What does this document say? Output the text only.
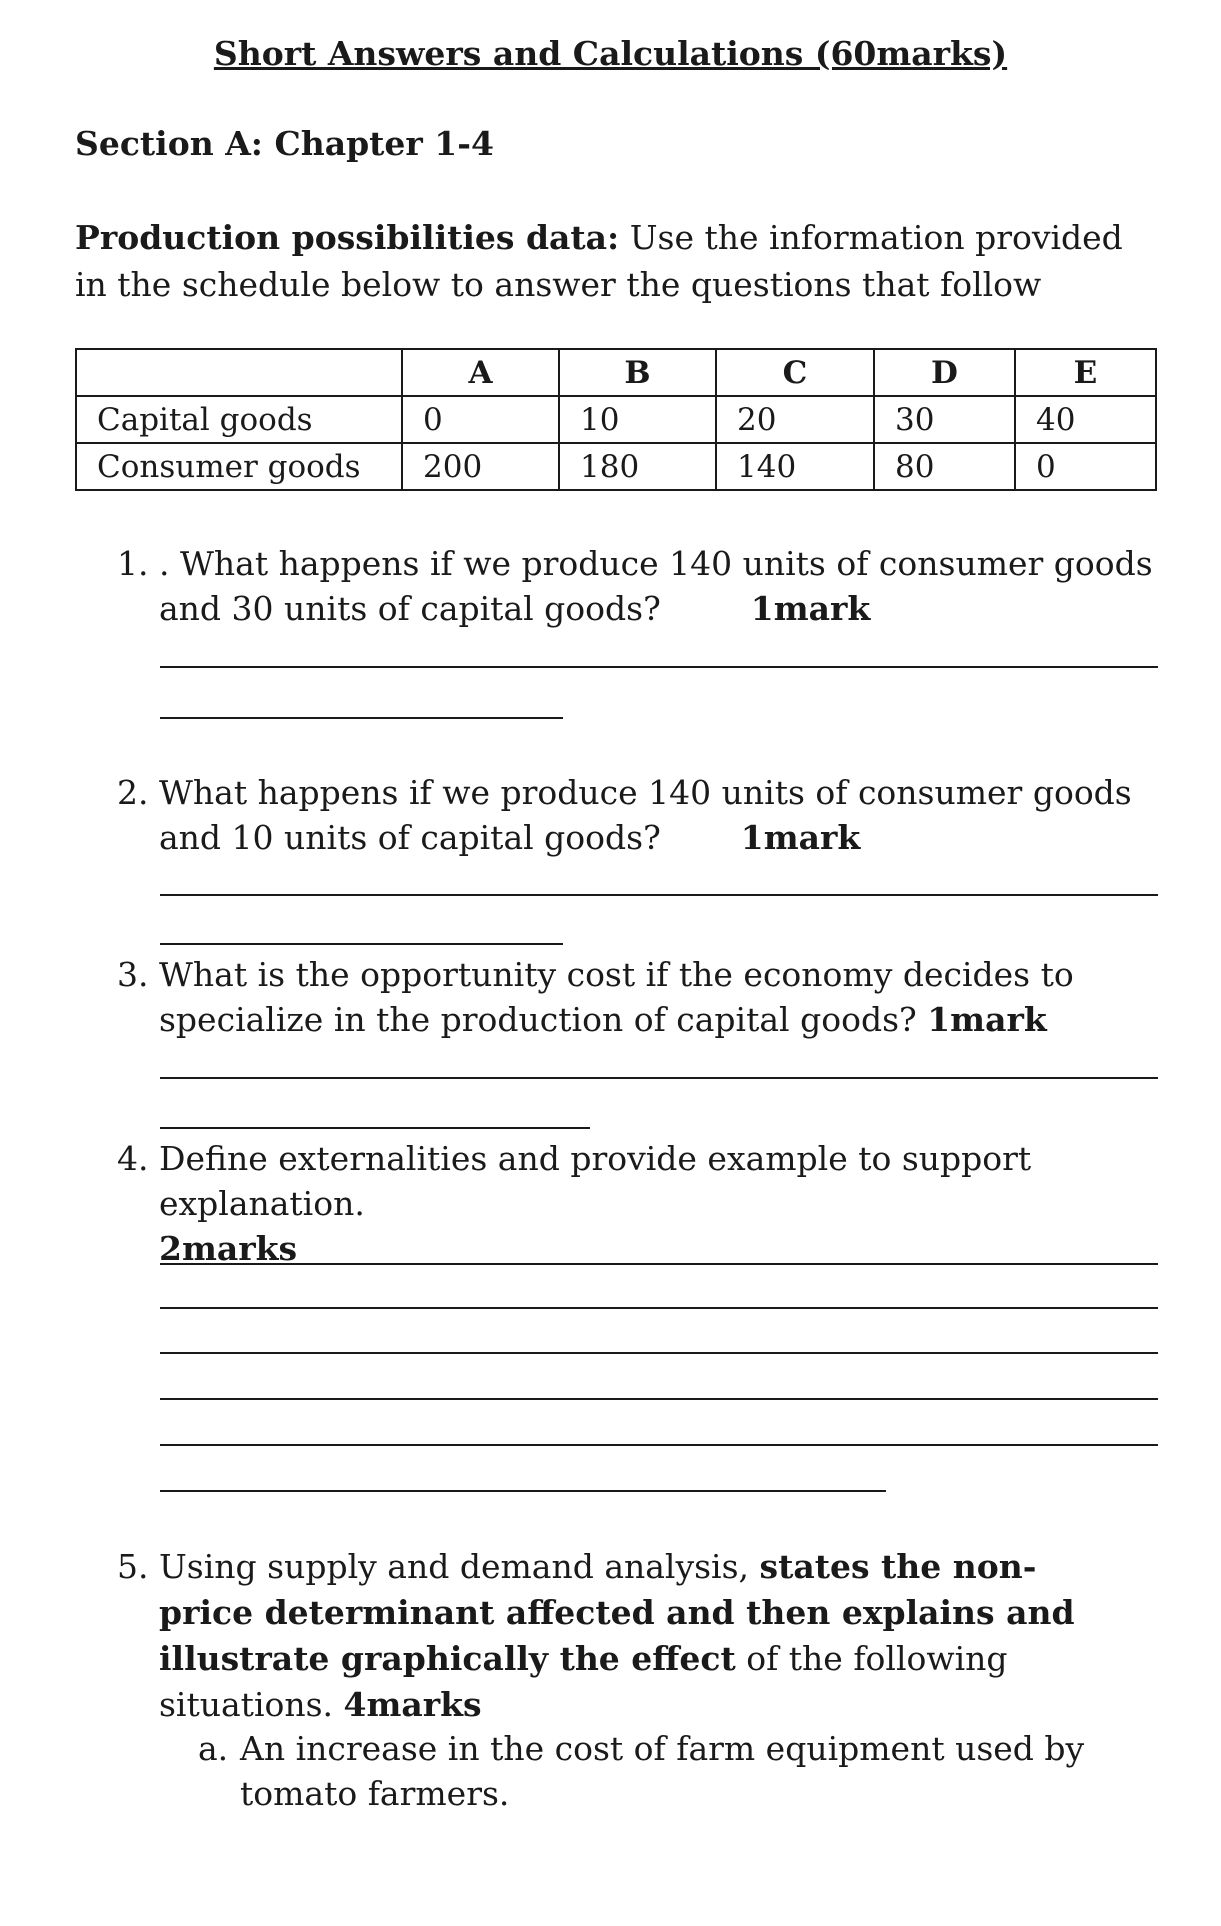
Short Answers and Calculations (60marks)
Section A: Chapter 1-4
Production possibilities data: Use the information provided in the schedule below to answer the questions that follow
	A	B	C	D	E
Capital goods	0	10	20	30	40
Consumer goods	200	180	140	80	0
1. . What happens if we produce 140 units of consumer goods and 30 units of capital goods?	1mark
2. What happens if we produce 140 units of consumer goods and 10 units of capital goods? 1mark
3. What is the opportunity cost if the economy decides to specialize in the production of capital goods? 1mark
4. Define externalities and provide example to support explanation.
2marks
5. Using supply and demand analysis, states the non-price determinant affected and then explains and illustrate graphically the effect of the following situations. 4marks
a. An increase in the cost of farm equipment used by tomato farmers.
